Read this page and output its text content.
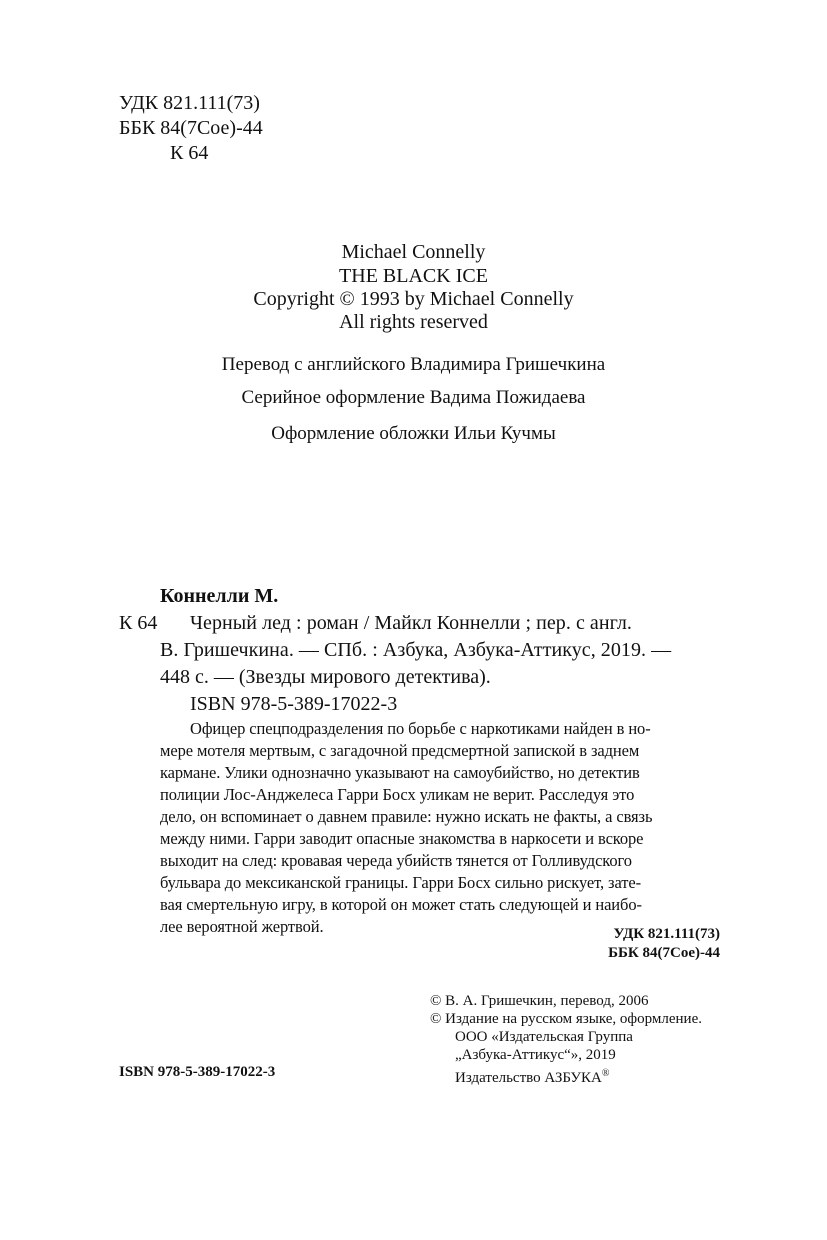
УДК 821.111(73)
ББК 84(7Сое)-44
К 64
Michael Connelly
THE BLACK ICE
Copyright © 1993 by Michael Connelly
All rights reserved
Перевод с английского Владимира Гришечкина
Серийное оформление Вадима Пожидаева
Оформление обложки Ильи Кучмы
Коннелли М.
К 64 Черный лед : роман / Майкл Коннелли ; пер. с англ.
В. Гришечкина. — СПб. : Азбука, Азбука-Аттикус, 2019. —
448 с. — (Звезды мирового детектива).
ISBN 978-5-389-17022-3
Офицер спецподразделения по борьбе с наркотиками найден в но-
мере мотеля мертвым, с загадочной предсмертной запиской в заднем
кармане. Улики однозначно указывают на самоубийство, но детектив
полиции Лос-Анджелеса Гарри Босх уликам не верит. Расследуя это
дело, он вспоминает о давнем правиле: нужно искать не факты, а связь
между ними. Гарри заводит опасные знакомства в наркосети и вскоре
выходит на след: кровавая череда убийств тянется от Голливудского
бульвара до мексиканской границы. Гарри Босх сильно рискует, зате-
вая смертельную игру, в которой он может стать следующей и наибо-
лее вероятной жертвой.	УДК 821.111(73)
ББК 84(7Сое)-44
© В. А. Гришечкин, перевод, 2006
© Издание на русском языке, оформление.
ООО «Издательская Группа
„Азбука-Аттикус“», 2019
Издательство АЗБУКА®
ISBN 978-5-389-17022-3
